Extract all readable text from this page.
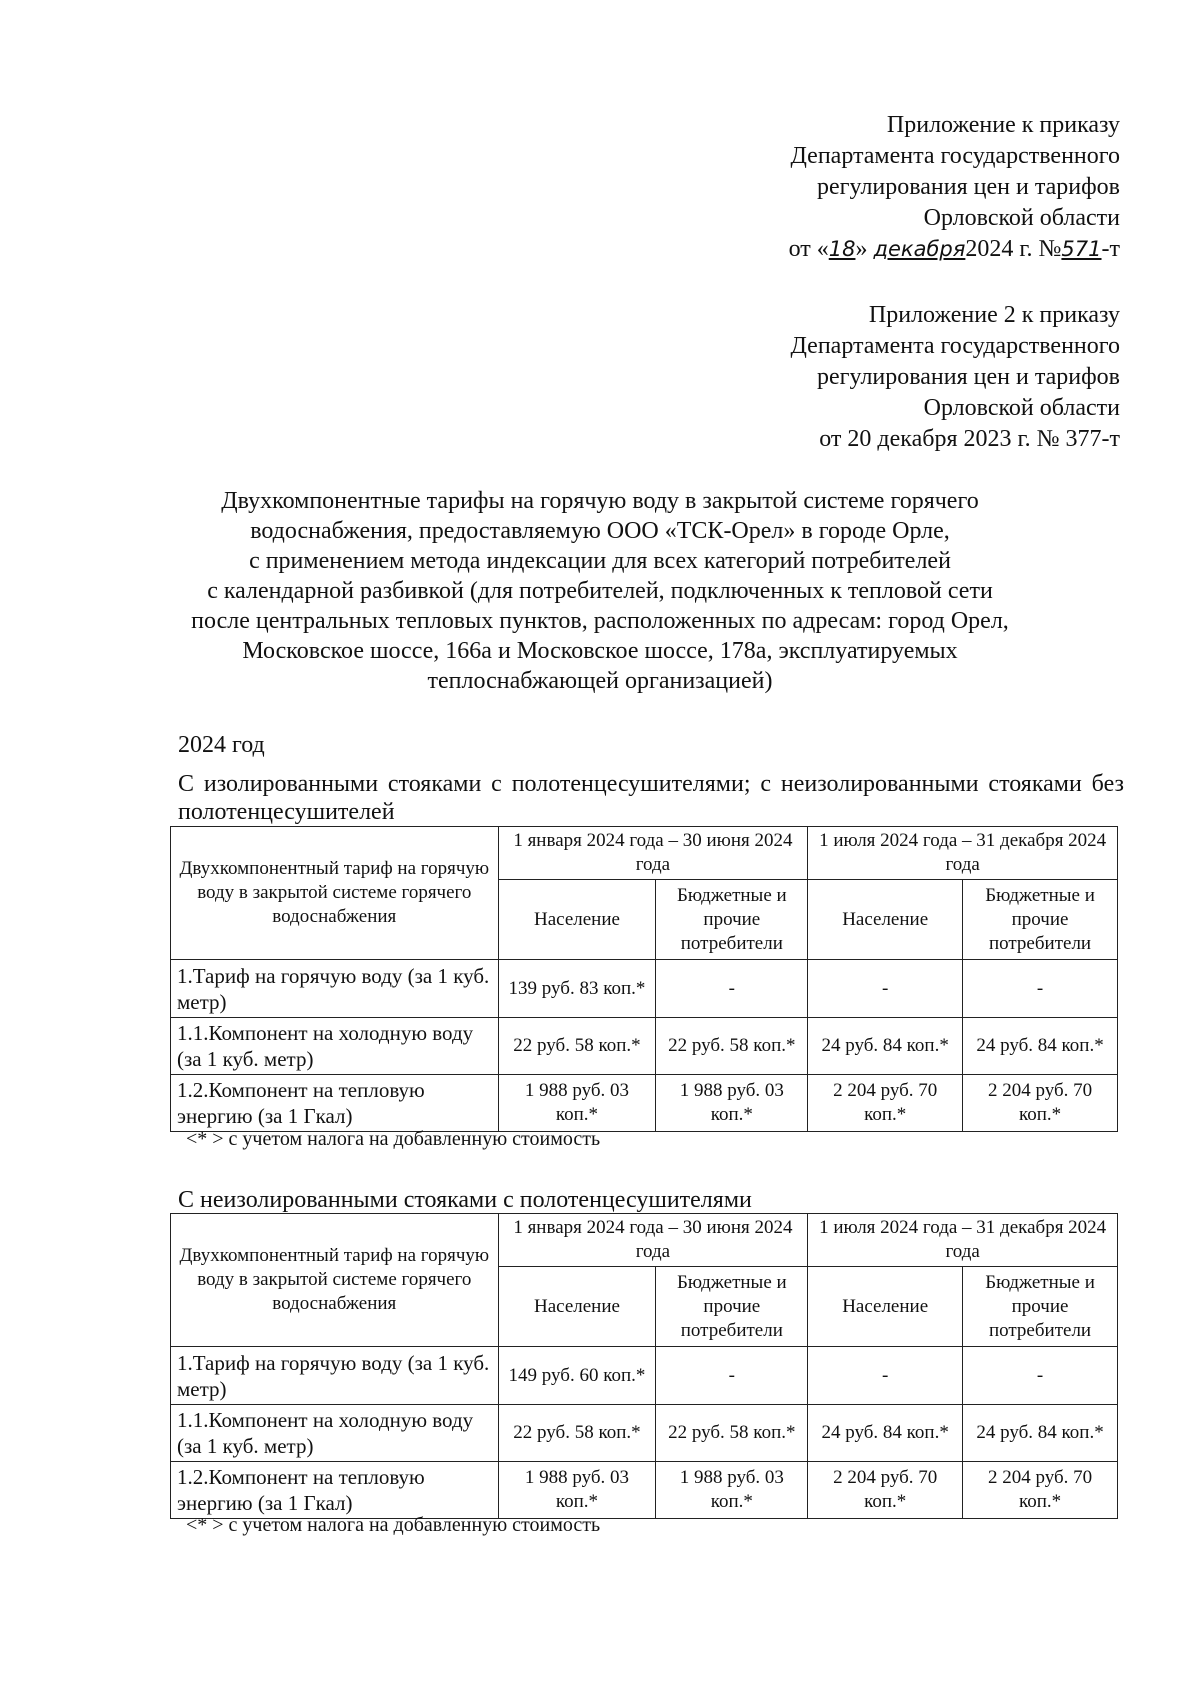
Приложение к приказу
Департамента государственного
регулирования цен и тарифов
Орловской области
от «18» декабря2024 г. №571-т
Приложение 2 к приказу
Департамента государственного
регулирования цен и тарифов
Орловской области
от 20 декабря 2023 г. № 377-т
Двухкомпонентные тарифы на горячую воду в закрытой системе горячего
водоснабжения, предоставляемую ООО «ТСК-Орел» в городе Орле,
с применением метода индексации для всех категорий потребителей
с календарной разбивкой (для потребителей, подключенных к тепловой сети
после центральных тепловых пунктов, расположенных по адресам: город Орел,
Московское шоссе, 166а и Московское шоссе, 178а, эксплуатируемых
теплоснабжающей организацией)
2024 год
С изолированными стояками с полотенцесушителями; с неизолированными стояками без полотенцесушителей
Двухкомпонентный тариф на горячую воду в закрытой системе горячего водоснабжения	1 января 2024 года – 30 июня 2024 года		1 июля 2024 года – 31 декабря 2024 года	
	Население	Бюджетные и прочие потребители	Население	Бюджетные и прочие потребители
1.Тариф на горячую воду (за 1 куб. метр)	139 руб. 83 коп.*	-	-	-
1.1.Компонент на холодную воду (за 1 куб. метр)	22 руб. 58 коп.*	22 руб. 58 коп.*	24 руб. 84 коп.*	24 руб. 84 коп.*
1.2.Компонент на тепловую энергию (за 1 Гкал)	1 988 руб. 03 коп.*	1 988 руб. 03 коп.*	2 204 руб. 70 коп.*	2 204 руб. 70 коп.*
<* > с учетом налога на добавленную стоимость
С неизолированными стояками с полотенцесушителями
Двухкомпонентный тариф на горячую воду в закрытой системе горячего водоснабжения	1 января 2024 года – 30 июня 2024 года		1 июля 2024 года – 31 декабря 2024 года	
	Население	Бюджетные и прочие потребители	Население	Бюджетные и прочие потребители
1.Тариф на горячую воду (за 1 куб. метр)	149 руб. 60 коп.*	-	-	-
1.1.Компонент на холодную воду (за 1 куб. метр)	22 руб. 58 коп.*	22 руб. 58 коп.*	24 руб. 84 коп.*	24 руб. 84 коп.*
1.2.Компонент на тепловую энергию (за 1 Гкал)	1 988 руб. 03 коп.*	1 988 руб. 03 коп.*	2 204 руб. 70 коп.*	2 204 руб. 70 коп.*
<* > с учетом налога на добавленную стоимость
